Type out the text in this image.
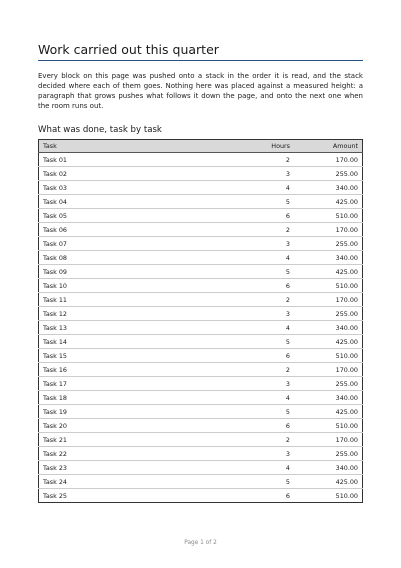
Work carried out this quarter

Every block on this page was pushed onto a stack in the order it is read, and the stack decided where each of them goes. Nothing here was placed against a measured height: a paragraph that grows pushes what follows it down the page, and onto the next one when the room runs out.

What was done, task by task
Task	Hours	Amount
Task 01	2	170.00
Task 02	3	255.00
Task 03	4	340.00
Task 04	5	425.00
Task 05	6	510.00
Task 06	2	170.00
Task 07	3	255.00
Task 08	4	340.00
Task 09	5	425.00
Task 10	6	510.00
Task 11	2	170.00
Task 12	3	255.00
Task 13	4	340.00
Task 14	5	425.00
Task 15	6	510.00
Task 16	2	170.00
Task 17	3	255.00
Task 18	4	340.00
Task 19	5	425.00
Task 20	6	510.00
Task 21	2	170.00
Task 22	3	255.00
Task 23	4	340.00
Task 24	5	425.00
Task 25	6	510.00
Page 1 of 2
